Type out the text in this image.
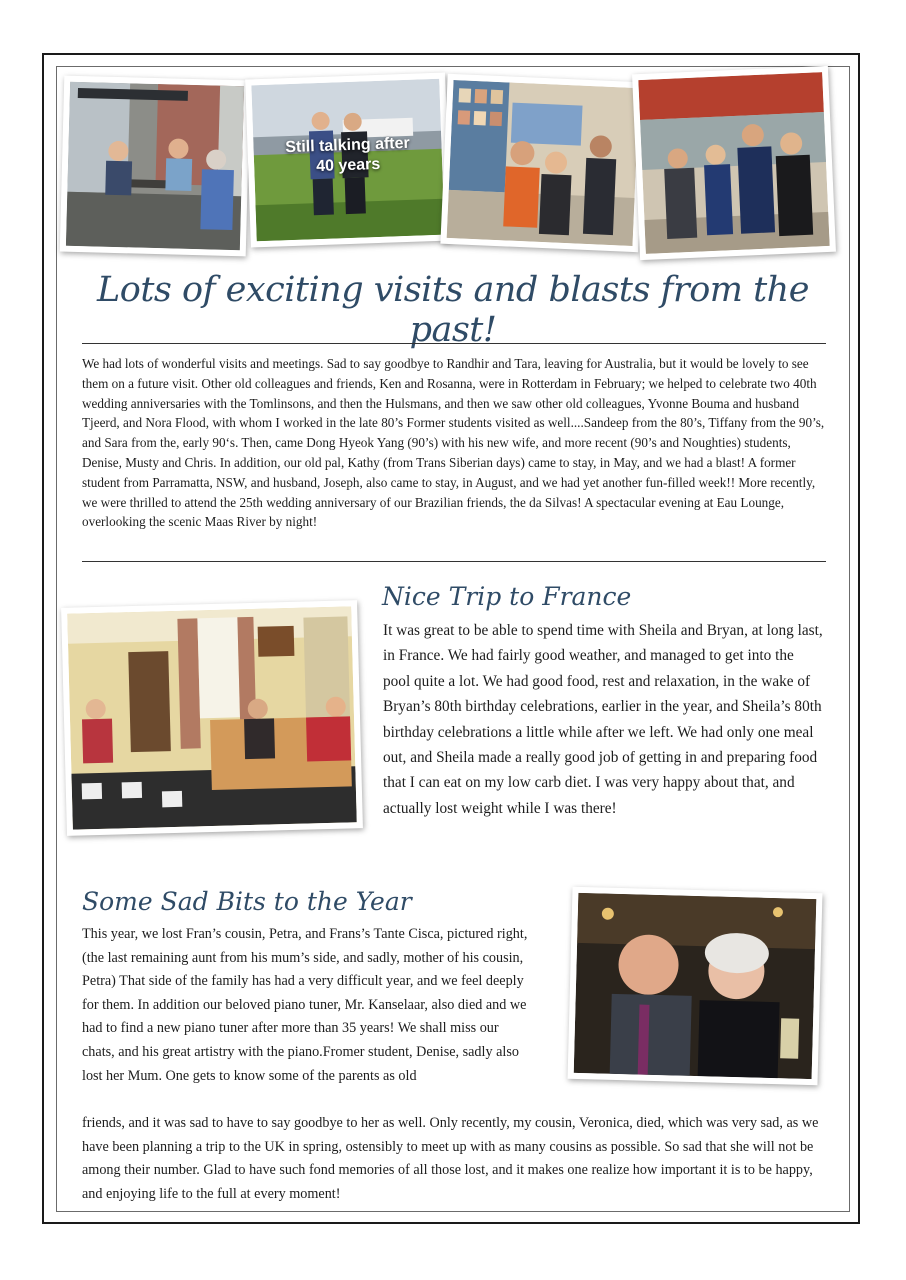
Still talking after 40 years
Lots of exciting visits and blasts from the past!

We had lots of wonderful visits and meetings. Sad to say goodbye to Randhir and Tara, leaving for Australia, but it would be lovely to see them on a future visit. Other old colleagues and friends, Ken and Rosanna, were in Rotterdam in February; we helped to celebrate two 40th wedding anniversaries with the Tomlinsons, and then the Hulsmans, and then we saw other old colleagues, Yvonne Bouma and husband Tjeerd, and Nora Flood, with whom I worked in the late 80’s Former students visited as well....Sandeep from the 80’s, Tiffany from the 90’s, and Sara from the, early 90‘s. Then, came Dong Hyeok Yang (90’s) with his new wife, and more recent (90’s and Noughties) students, Denise, Musty and Chris. In addition, our old pal, Kathy (from Trans Siberian days) came to stay, in May, and we had a blast! A former student from Parramatta, NSW, and husband, Joseph, also came to stay, in August, and we had yet another fun-filled week!! More recently, we were thrilled to attend the 25th wedding anniversary of our Brazilian friends, the da Silvas! A spectacular evening at Eau Lounge, overlooking the scenic Maas River by night!

Nice Trip to France

It was great to be able to spend time with Sheila and Bryan, at long last, in France. We had fairly good weather, and managed to get into the pool quite a lot. We had good food, rest and relaxation, in the wake of Bryan’s 80th birthday celebrations, earlier in the year, and Sheila’s 80th birthday celebrations a little while after we left. We had only one meal out, and Sheila made a really good job of getting in and preparing food that I can eat on my low carb diet. I was very happy about that, and actually lost weight while I was there!

Some Sad Bits to the Year

This year, we lost Fran’s cousin, Petra, and Frans’s Tante Cisca, pictured right, (the last remaining aunt from his mum’s side, and sadly, mother of his cousin, Petra) That side of the family has had a very difficult year, and we feel deeply for them. In addition our beloved piano tuner, Mr. Kanselaar, also died and we had to find a new piano tuner after more than 35 years! We shall miss our chats, and his great artistry with the piano.Fromer student, Denise, sadly also lost her Mum. One gets to know some of the parents as old

friends, and it was sad to have to say goodbye to her as well. Only recently, my cousin, Veronica, died, which was very sad, as we have been planning a trip to the UK in spring, ostensibly to meet up with as many cousins as possible. So sad that she will not be among their number. Glad to have such fond memories of all those lost, and it makes one realize how important it is to be happy, and enjoying life to the full at every moment!
